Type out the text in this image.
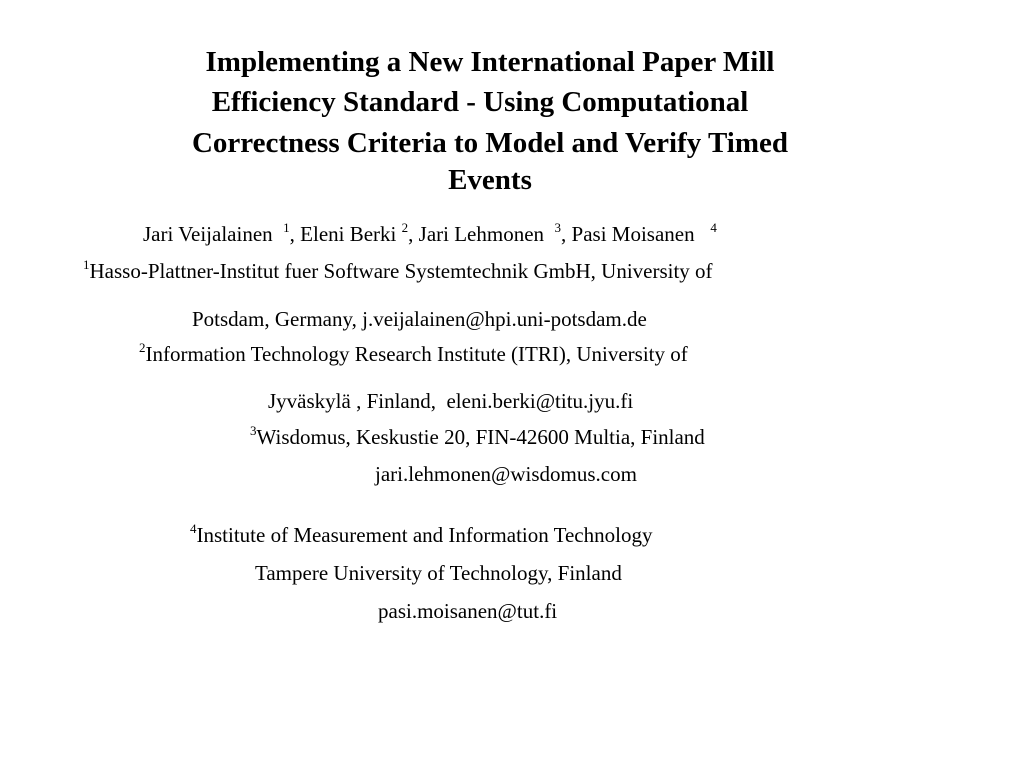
Implementing a New International Paper Mill
Efficiency Standard - Using Computational
Correctness Criteria to Model and Verify Timed
Events
Jari Veijalainen $^1$, Eleni Berki $^2$, Jari Lehmonen $^3$, Pasi Moisanen $^4$
$^1$Hasso-Plattner-Institut fuer Software Systemtechnik GmbH, University of
Potsdam, Germany, j.veijalainen@hpi.uni-potsdam.de
$^2$Information Technology Research Institute (ITRI), University of
Jyväskylä , Finland,  eleni.berki@titu.jyu.fi
$^3$Wisdomus, Keskustie 20, FIN-42600 Multia, Finland
jari.lehmonen@wisdomus.com
$^4$Institute of Measurement and Information Technology
Tampere University of Technology, Finland
pasi.moisanen@tut.fi
